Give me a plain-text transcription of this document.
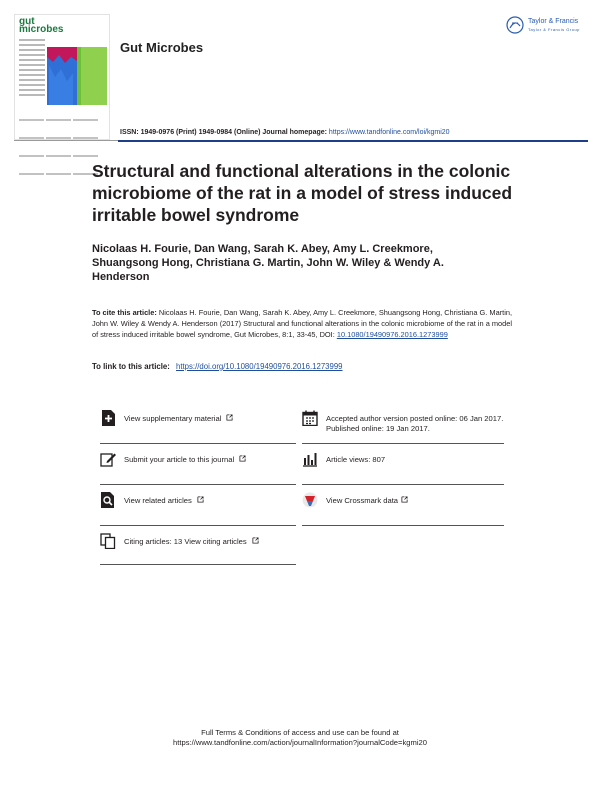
gut
microbes
Gut Microbes
Taylor & Francis
Taylor & Francis Group
ISSN: 1949-0976 (Print) 1949-0984 (Online) Journal homepage: https://www.tandfonline.com/loi/kgmi20
Structural and functional alterations in the colonic microbiome of the rat in a model of stress induced irritable bowel syndrome
Nicolaas H. Fourie, Dan Wang, Sarah K. Abey, Amy L. Creekmore, Shuangsong Hong, Christiana G. Martin, John W. Wiley & Wendy A. Henderson

To cite this article: Nicolaas H. Fourie, Dan Wang, Sarah K. Abey, Amy L. Creekmore, Shuangsong Hong, Christiana G. Martin, John W. Wiley & Wendy A. Henderson (2017) Structural and functional alterations in the colonic microbiome of the rat in a model of stress induced irritable bowel syndrome, Gut Microbes, 8:1, 33-45, DOI: 10.1080/19490976.2016.1273999

To link to this article: https://doi.org/10.1080/19490976.2016.1273999
View supplementary material	Accepted author version posted online: 06 Jan 2017.
Published online: 19 Jan 2017.
Submit your article to this journal	Article views: 807
View related articles	View Crossmark data
Citing articles: 13 View citing articles
Full Terms & Conditions of access and use can be found at
https://www.tandfonline.com/action/journalInformation?journalCode=kgmi20
